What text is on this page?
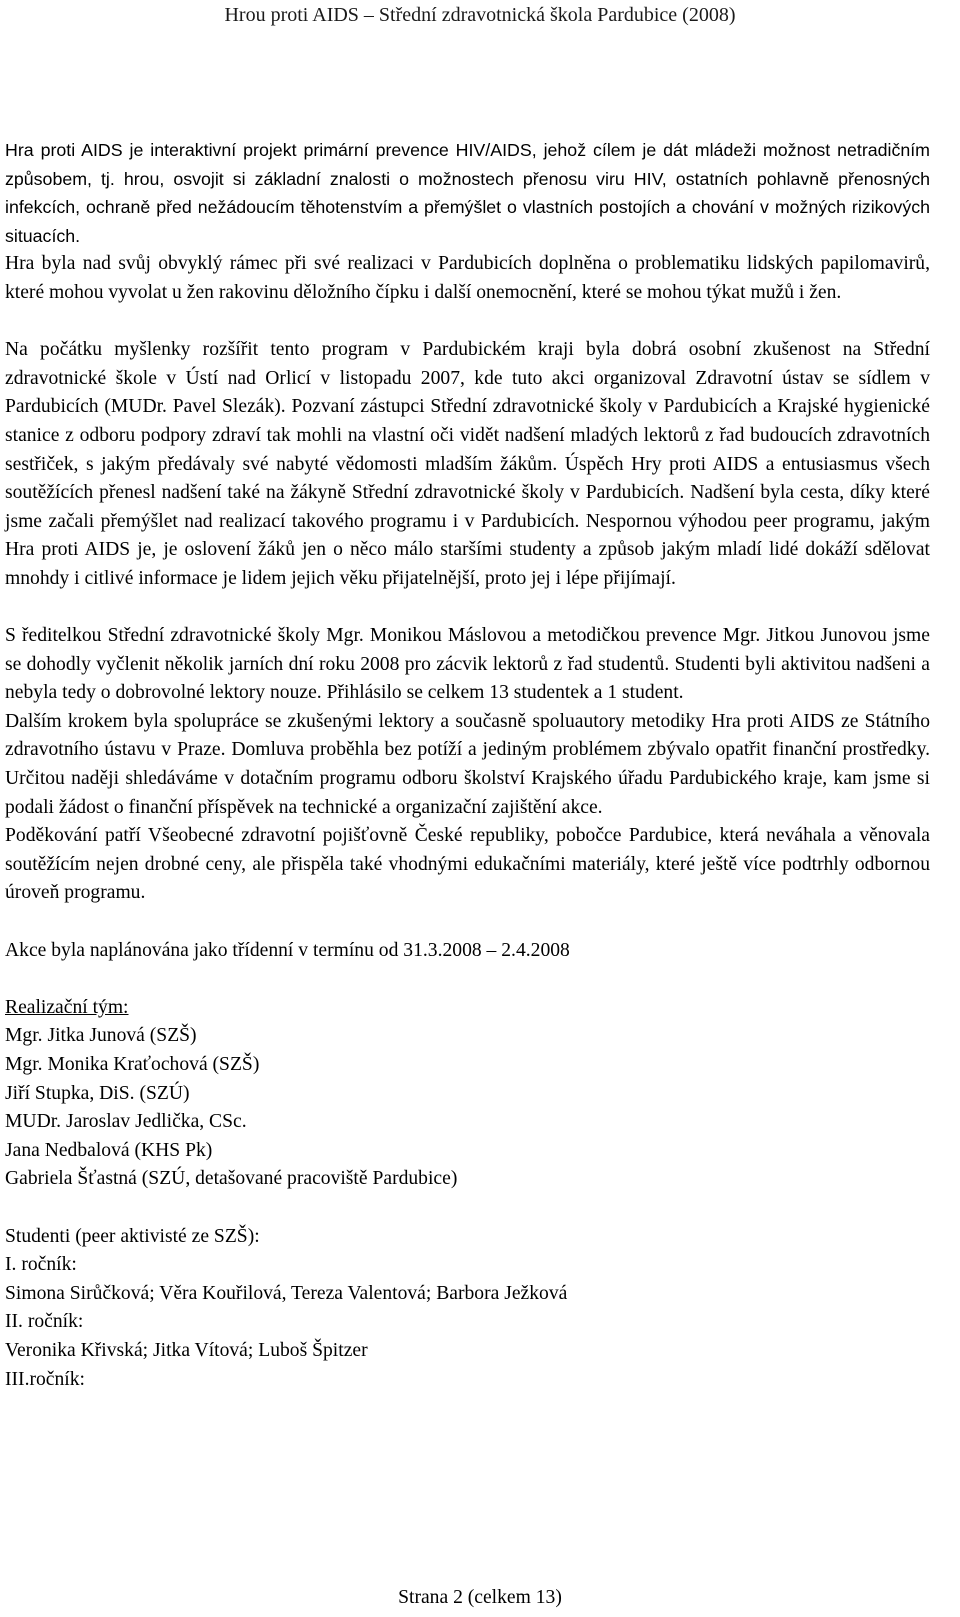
Hrou proti AIDS – Střední zdravotnická škola Pardubice (2008)

Hra proti AIDS je interaktivní projekt primární prevence HIV/AIDS, jehož cílem je dát mládeži možnost netradičním způsobem, tj. hrou, osvojit si základní znalosti o možnostech přenosu viru HIV, ostatních pohlavně přenosných infekcích, ochraně před nežádoucím těhotenstvím a přemýšlet o vlastních postojích a chování v možných rizikových situacích.

Hra byla nad svůj obvyklý rámec při své realizaci v Pardubicích doplněna o problematiku lidských papilomavirů, které mohou vyvolat u žen rakovinu děložního čípku i další onemocnění, které se mohou týkat mužů i žen.

Na počátku myšlenky rozšířit tento program v Pardubickém kraji byla dobrá osobní zkušenost na Střední zdravotnické škole v Ústí nad Orlicí v listopadu 2007, kde tuto akci organizoval Zdravotní ústav se sídlem v Pardubicích (MUDr. Pavel Slezák). Pozvaní zástupci Střední zdravotnické školy v Pardubicích a Krajské hygienické stanice z odboru podpory zdraví tak mohli na vlastní oči vidět nadšení mladých lektorů z řad budoucích zdravotních sestřiček, s jakým předávaly své nabyté vědomosti mladším žákům. Úspěch Hry proti AIDS a entusiasmus všech soutěžících přenesl nadšení také na žákyně Střední zdravotnické školy v Pardubicích. Nadšení byla cesta, díky které jsme začali přemýšlet nad realizací takového programu i v Pardubicích. Nespornou výhodou peer programu, jakým Hra proti AIDS je, je oslovení žáků jen o něco málo staršími studenty a způsob jakým mladí lidé dokáží sdělovat mnohdy i citlivé informace je lidem jejich věku přijatelnější, proto jej i lépe přijímají.

S ředitelkou Střední zdravotnické školy Mgr. Monikou Máslovou a metodičkou prevence Mgr. Jitkou Junovou jsme se dohodly vyčlenit několik jarních dní roku 2008 pro zácvik lektorů z řad studentů. Studenti byli aktivitou nadšeni a nebyla tedy o dobrovolné lektory nouze. Přihlásilo se celkem 13 studentek a 1 student.

Dalším krokem byla spolupráce se zkušenými lektory a současně spoluautory metodiky Hra proti AIDS ze Státního zdravotního ústavu v Praze. Domluva proběhla bez potíží a jediným problémem zbývalo opatřit finanční prostředky. Určitou naději shledáváme v dotačním programu odboru školství Krajského úřadu Pardubického kraje, kam jsme si podali žádost o finanční příspěvek na technické a organizační zajištění akce.

Poděkování patří Všeobecné zdravotní pojišťovně České republiky, pobočce Pardubice, která neváhala a věnovala soutěžícím nejen drobné ceny, ale přispěla také vhodnými edukačními materiály, které ještě více podtrhly odbornou úroveň programu.

Akce byla naplánována jako třídenní v termínu od 31.3.2008 – 2.4.2008

Realizační tým:

Mgr. Jitka Junová (SZŠ)

Mgr. Monika Kraťochová (SZŠ)

Jiří Stupka, DiS. (SZÚ)

MUDr. Jaroslav Jedlička, CSc.

Jana Nedbalová (KHS Pk)

Gabriela Šťastná (SZÚ, detašované pracoviště Pardubice)

Studenti (peer aktivisté ze SZŠ):

I. ročník:

Simona Sirůčková; Věra Kouřilová, Tereza Valentová; Barbora Ježková

II. ročník:

Veronika Křivská; Jitka Vítová; Luboš Špitzer

III.ročník:

Strana 2 (celkem 13)
